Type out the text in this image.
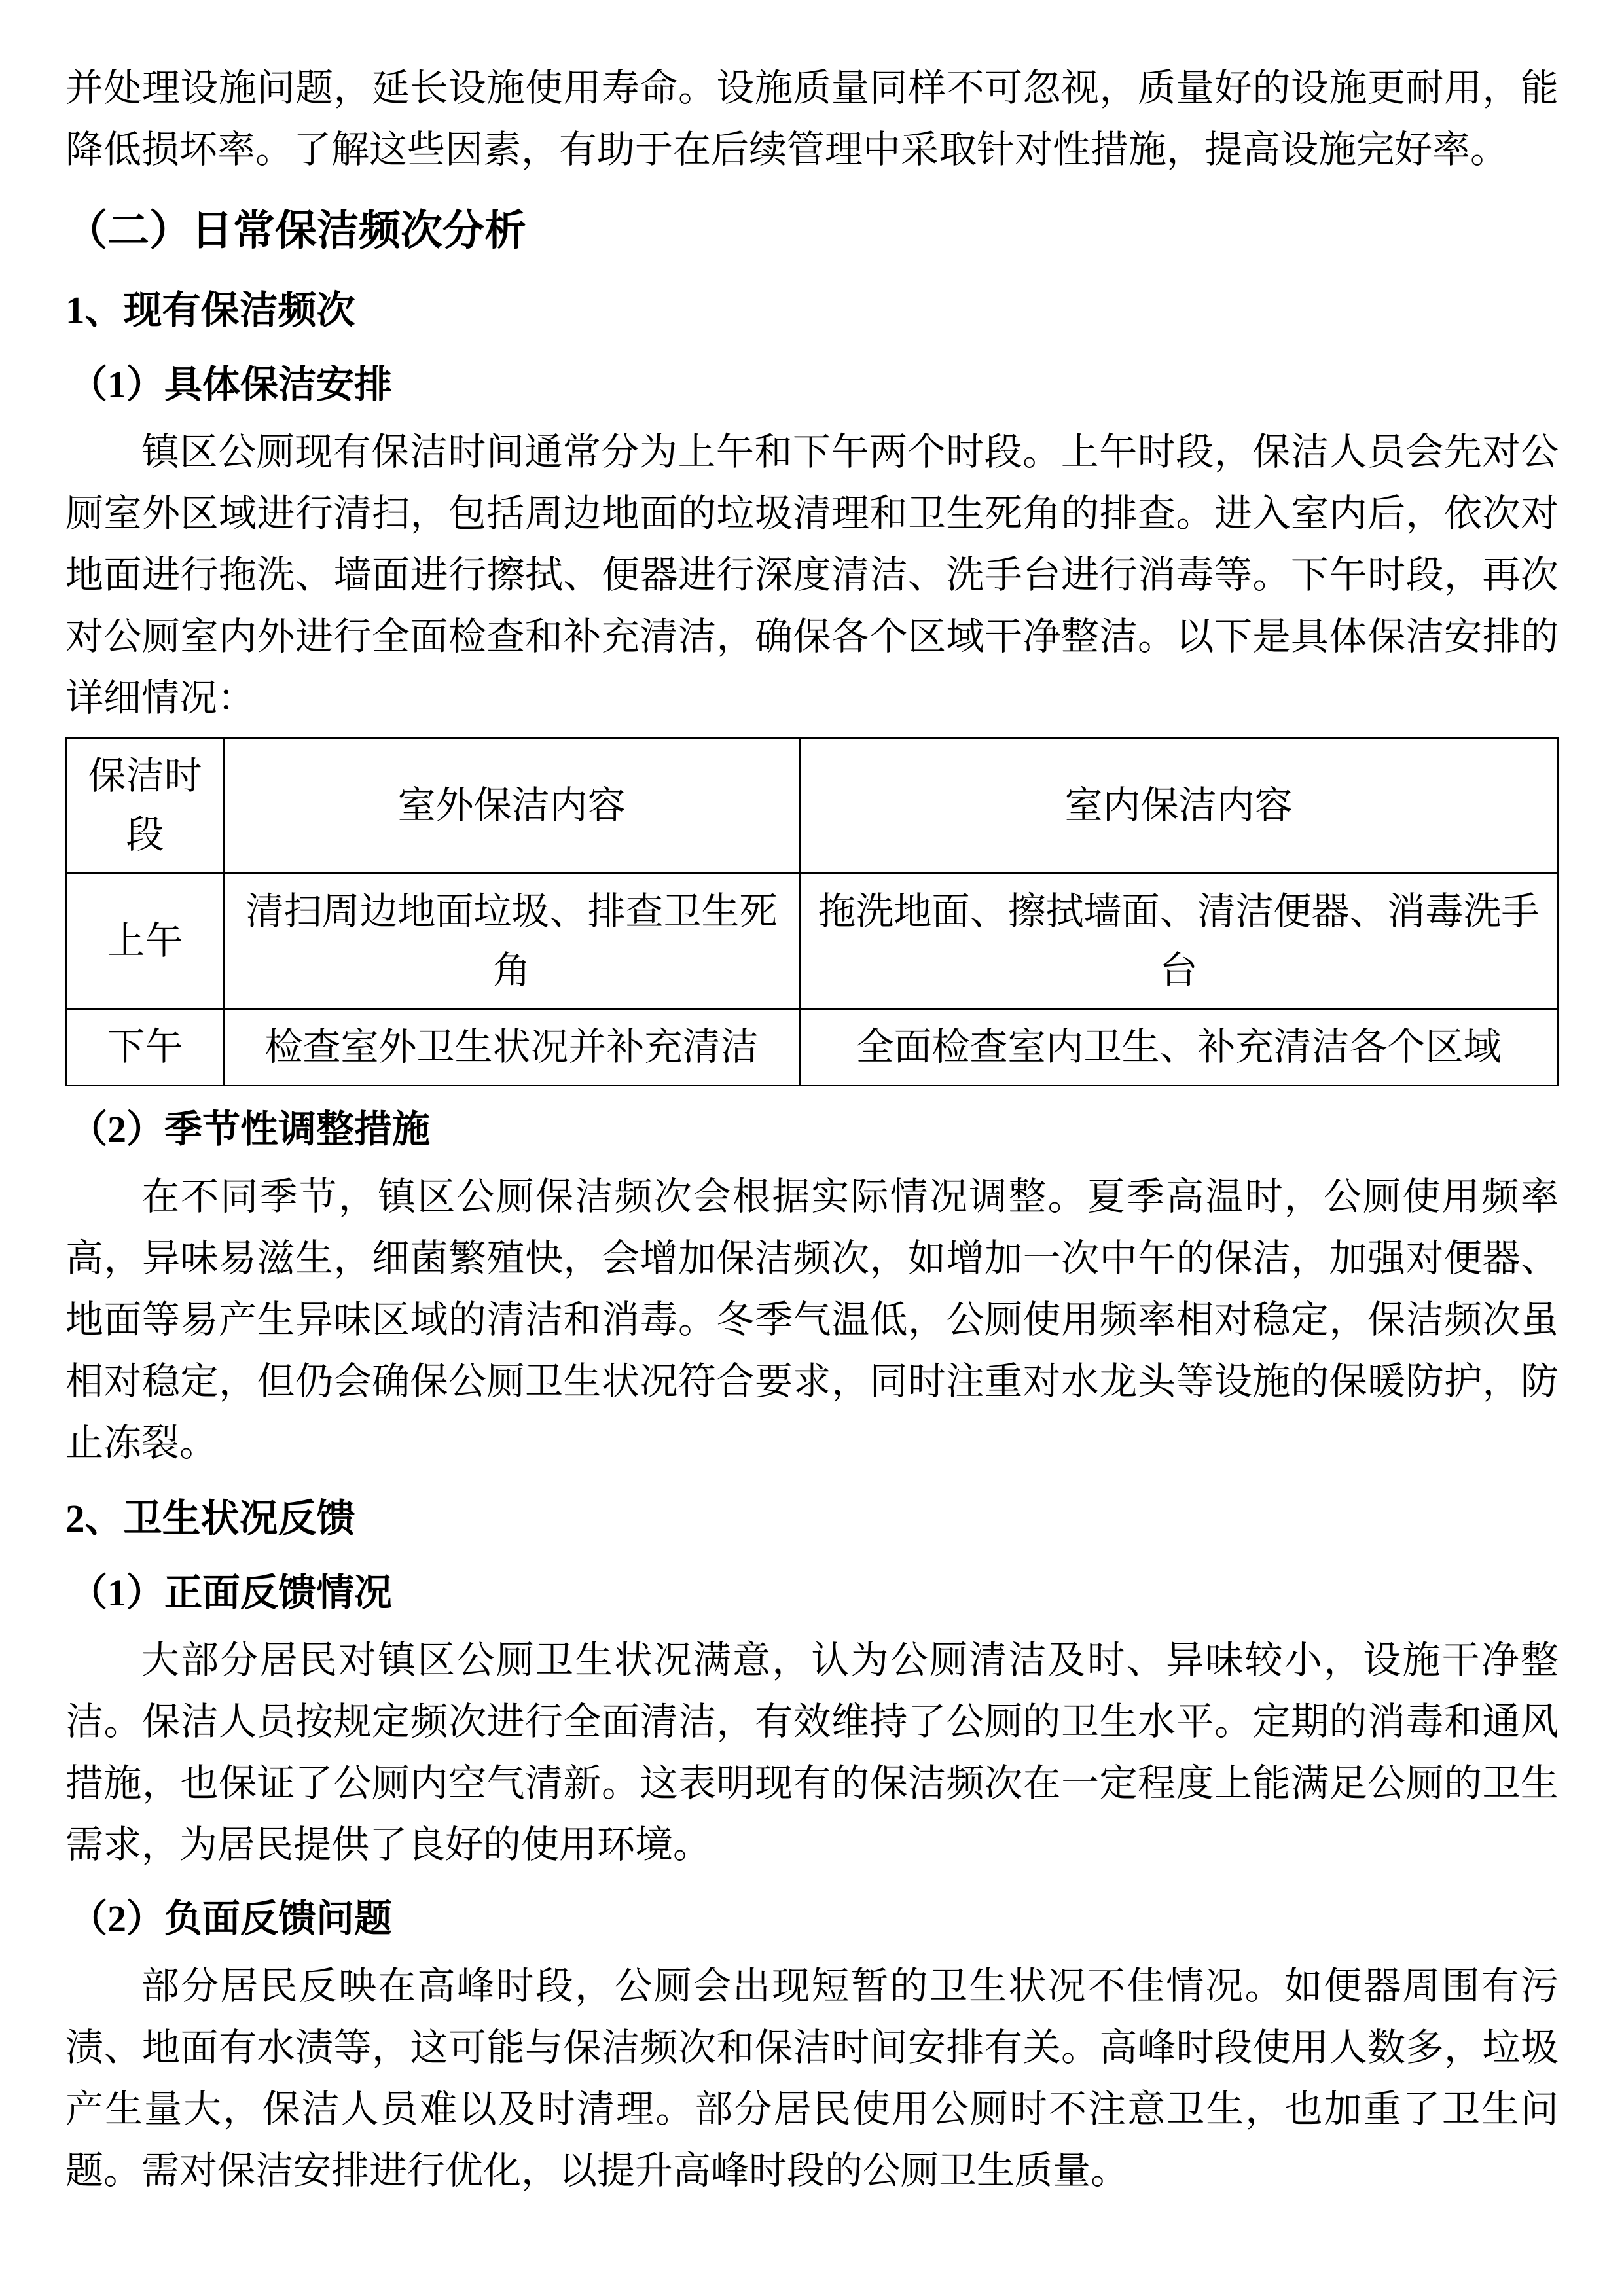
并处理设施问题，延长设施使用寿命。设施质量同样不可忽视，质量好的设施更耐用，能降低损坏率。了解这些因素，有助于在后续管理中采取针对性措施，提高设施完好率。

（二）日常保洁频次分析
1、现有保洁频次
（1）具体保洁安排

镇区公厕现有保洁时间通常分为上午和下午两个时段。上午时段，保洁人员会先对公厕室外区域进行清扫，包括周边地面的垃圾清理和卫生死角的排查。进入室内后，依次对地面进行拖洗、墙面进行擦拭、便器进行深度清洁、洗手台进行消毒等。下午时段，再次对公厕室内外进行全面检查和补充清洁，确保各个区域干净整洁。以下是具体保洁安排的详细情况：

保洁时段	室外保洁内容	室内保洁内容
上午	清扫周边地面垃圾、排查卫生死角	拖洗地面、擦拭墙面、清洁便器、消毒洗手台
下午	检查室外卫生状况并补充清洁	全面检查室内卫生、补充清洁各个区域
（2）季节性调整措施

在不同季节，镇区公厕保洁频次会根据实际情况调整。夏季高温时，公厕使用频率高，异味易滋生，细菌繁殖快，会增加保洁频次，如增加一次中午的保洁，加强对便器、地面等易产生异味区域的清洁和消毒。冬季气温低，公厕使用频率相对稳定，保洁频次虽相对稳定，但仍会确保公厕卫生状况符合要求，同时注重对水龙头等设施的保暖防护，防止冻裂。

2、卫生状况反馈
（1）正面反馈情况

大部分居民对镇区公厕卫生状况满意，认为公厕清洁及时、异味较小，设施干净整洁。保洁人员按规定频次进行全面清洁，有效维持了公厕的卫生水平。定期的消毒和通风措施，也保证了公厕内空气清新。这表明现有的保洁频次在一定程度上能满足公厕的卫生需求，为居民提供了良好的使用环境。

（2）负面反馈问题

部分居民反映在高峰时段，公厕会出现短暂的卫生状况不佳情况。如便器周围有污渍、地面有水渍等，这可能与保洁频次和保洁时间安排有关。高峰时段使用人数多，垃圾产生量大，保洁人员难以及时清理。部分居民使用公厕时不注意卫生，也加重了卫生问题。需对保洁安排进行优化，以提升高峰时段的公厕卫生质量。
